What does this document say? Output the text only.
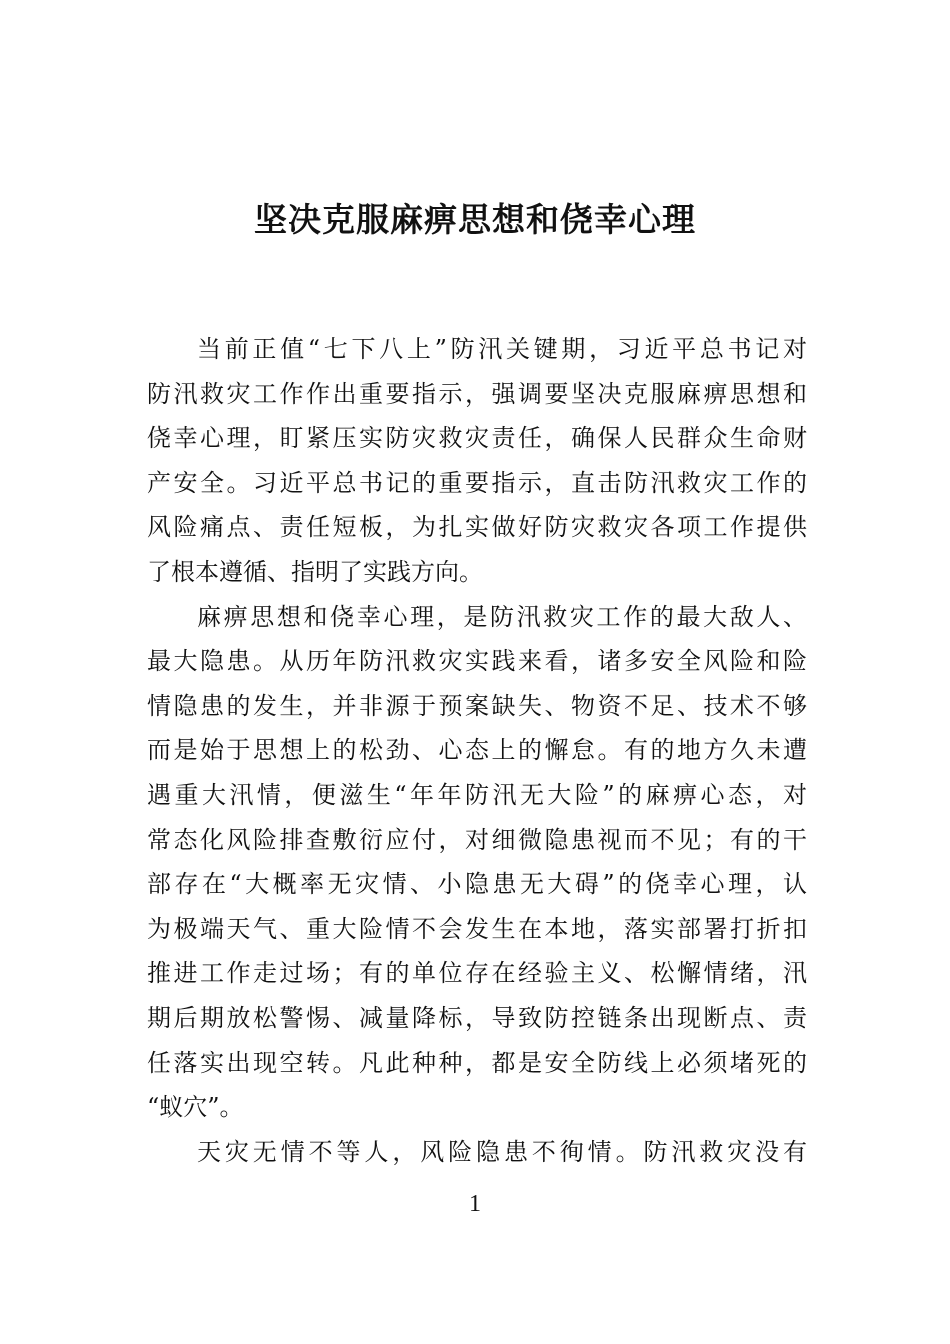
坚决克服麻痹思想和侥幸心理
当前正值“七下八上”防汛关键期，习近平总书记对
防汛救灾工作作出重要指示，强调要坚决克服麻痹思想和
侥幸心理，盯紧压实防灾救灾责任，确保人民群众生命财
产安全。习近平总书记的重要指示，直击防汛救灾工作的
风险痛点、责任短板，为扎实做好防灾救灾各项工作提供
了根本遵循、指明了实践方向。
麻痹思想和侥幸心理，是防汛救灾工作的最大敌人、
最大隐患。从历年防汛救灾实践来看，诸多安全风险和险
情隐患的发生，并非源于预案缺失、物资不足、技术不够
而是始于思想上的松劲、心态上的懈怠。有的地方久未遭
遇重大汛情，便滋生“年年防汛无大险”的麻痹心态，对
常态化风险排查敷衍应付，对细微隐患视而不见；有的干
部存在“大概率无灾情、小隐患无大碍”的侥幸心理，认
为极端天气、重大险情不会发生在本地，落实部署打折扣
推进工作走过场；有的单位存在经验主义、松懈情绪，汛
期后期放松警惕、减量降标，导致防控链条出现断点、责
任落实出现空转。凡此种种，都是安全防线上必须堵死的
“蚁穴”。
天灾无情不等人，风险隐患不徇情。防汛救灾没有
1
